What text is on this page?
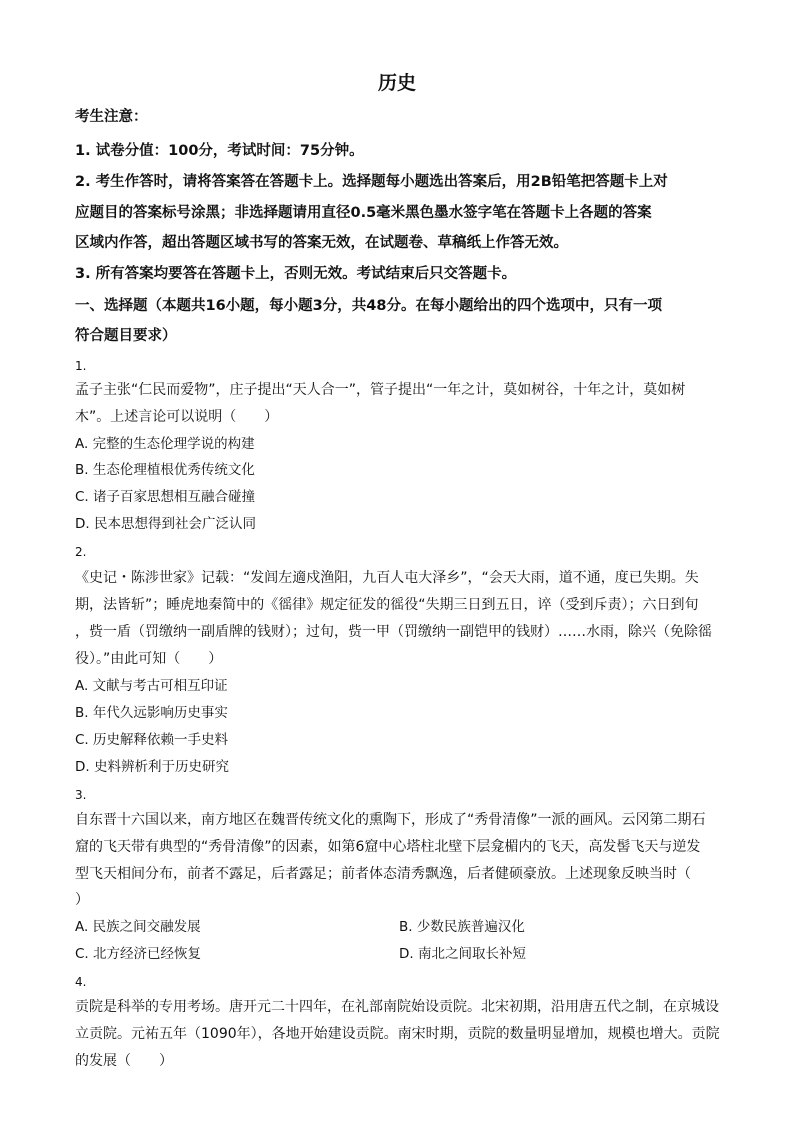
历史
考生注意：
1. 试卷分值：100分，考试时间：75分钟。
2. 考生作答时，请将答案答在答题卡上。选择题每小题选出答案后，用2B铅笔把答题卡上对
应题目的答案标号涂黑；非选择题请用直径0.5毫米黑色墨水签字笔在答题卡上各题的答案
区域内作答，超出答题区域书写的答案无效，在试题卷、草稿纸上作答无效。
3. 所有答案均要答在答题卡上，否则无效。考试结束后只交答题卡。
一、选择题（本题共16小题，每小题3分，共48分。在每小题给出的四个选项中，只有一项
符合题目要求）
1.
孟子主张“仁民而爱物”，庄子提出“天人合一”，管子提出“一年之计，莫如树谷，十年之计，莫如树
木”。上述言论可以说明（　　）
A. 完整的生态伦理学说的构建
B. 生态伦理植根优秀传统文化
C. 诸子百家思想相互融合碰撞
D. 民本思想得到社会广泛认同
2.
《史记・陈涉世家》记载：“发闾左適戍渔阳，九百人屯大泽乡”，“会天大雨，道不通，度已失期。失
期，法皆斩”；睡虎地秦简中的《徭律》规定征发的徭役“失期三日到五日，谇（受到斥责）；六日到旬
，赀一盾（罚缴纳一副盾牌的钱财）；过旬，赀一甲（罚缴纳一副铠甲的钱财）……水雨，除兴（免除徭
役）。”由此可知（　　）
A. 文献与考古可相互印证
B. 年代久远影响历史事实
C. 历史解释依赖一手史料
D. 史料辨析利于历史研究
3.
自东晋十六国以来，南方地区在魏晋传统文化的熏陶下，形成了“秀骨清像”一派的画风。云冈第二期石
窟的飞天带有典型的“秀骨清像”的因素，如第6窟中心塔柱北壁下层龛楣内的飞天，高发髻飞天与逆发
型飞天相间分布，前者不露足，后者露足；前者体态清秀飘逸，后者健硕豪放。上述现象反映当时（
）
A. 民族之间交融发展	B. 少数民族普遍汉化
C. 北方经济已经恢复	D. 南北之间取长补短
4.
贡院是科举的专用考场。唐开元二十四年，在礼部南院始设贡院。北宋初期，沿用唐五代之制，在京城设
立贡院。元祐五年（1090年），各地开始建设贡院。南宋时期，贡院的数量明显增加，规模也增大。贡院
的发展（　　）
